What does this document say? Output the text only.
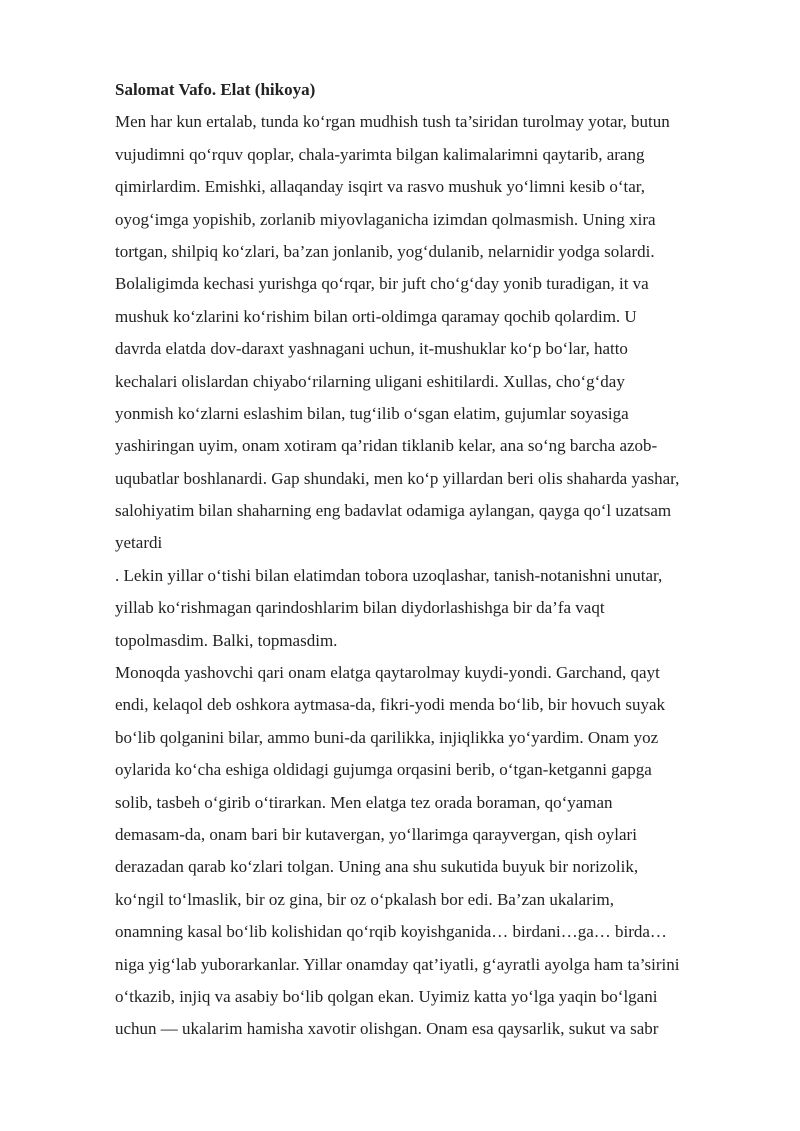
Salomat Vafo. Elat (hikoya)
Men har kun ertalab, tunda ko‘rgan mudhish tush ta’siridan turolmay yotar, butun
vujudimni qo‘rquv qoplar, chala-yarimta bilgan kalimalarimni qaytarib, arang
qimirlardim. Emishki, allaqanday isqirt va rasvo mushuk yo‘limni kesib o‘tar,
oyog‘imga yopishib, zorlanib miyovlaganicha izimdan qolmasmish. Uning xira
tortgan, shilpiq ko‘zlari, ba’zan jonlanib, yog‘dulanib, nelarnidir yodga solardi.
Bolaligimda kechasi yurishga qo‘rqar, bir juft cho‘g‘day yonib turadigan, it va
mushuk ko‘zlarini ko‘rishim bilan orti-oldimga qaramay qochib qolardim. U
davrda elatda dov-daraxt yashnagani uchun, it-mushuklar ko‘p bo‘lar, hatto
kechalari olislardan chiyabo‘rilarning uligani eshitilardi. Xullas, cho‘g‘day
yonmish ko‘zlarni eslashim bilan, tug‘ilib o‘sgan elatim, gujumlar soyasiga
yashiringan uyim, onam xotiram qa’ridan tiklanib kelar, ana so‘ng barcha azob-
uqubatlar boshlanardi. Gap shundaki, men ko‘p yillardan beri olis shaharda yashar,
salohiyatim bilan shaharning eng badavlat odamiga aylangan, qayga qo‘l uzatsam
yetardi
. Lekin yillar o‘tishi bilan elatimdan tobora uzoqlashar, tanish-notanishni unutar,
yillab ko‘rishmagan qarindoshlarim bilan diydorlashishga bir da’fa vaqt
topolmasdim. Balki, topmasdim.
Monoqda yashovchi qari onam elatga qaytarolmay kuydi-yondi. Garchand, qayt
endi, kelaqol deb oshkora aytmasa-da, fikri-yodi menda bo‘lib, bir hovuch suyak
bo‘lib qolganini bilar, ammo buni-da qarilikka, injiqlikka yo‘yardim. Onam yoz
oylarida ko‘cha eshiga oldidagi gujumga orqasini berib, o‘tgan-ketganni gapga
solib, tasbeh o‘girib o‘tirarkan. Men elatga tez orada boraman, qo‘yaman
demasam-da, onam bari bir kutavergan, yo‘llarimga qarayvergan, qish oylari
derazadan qarab ko‘zlari tolgan. Uning ana shu sukutida buyuk bir norizolik,
ko‘ngil to‘lmaslik, bir oz gina, bir oz o‘pkalash bor edi. Ba’zan ukalarim,
onamning kasal bo‘lib kolishidan qo‘rqib koyishganida… birdani…ga… birda…
niga yig‘lab yuborarkanlar. Yillar onamday qat’iyatli, g‘ayratli ayolga ham ta’sirini
o‘tkazib, injiq va asabiy bo‘lib qolgan ekan. Uyimiz katta yo‘lga yaqin bo‘lgani
uchun — ukalarim hamisha xavotir olishgan. Onam esa qaysarlik, sukut va sabr
